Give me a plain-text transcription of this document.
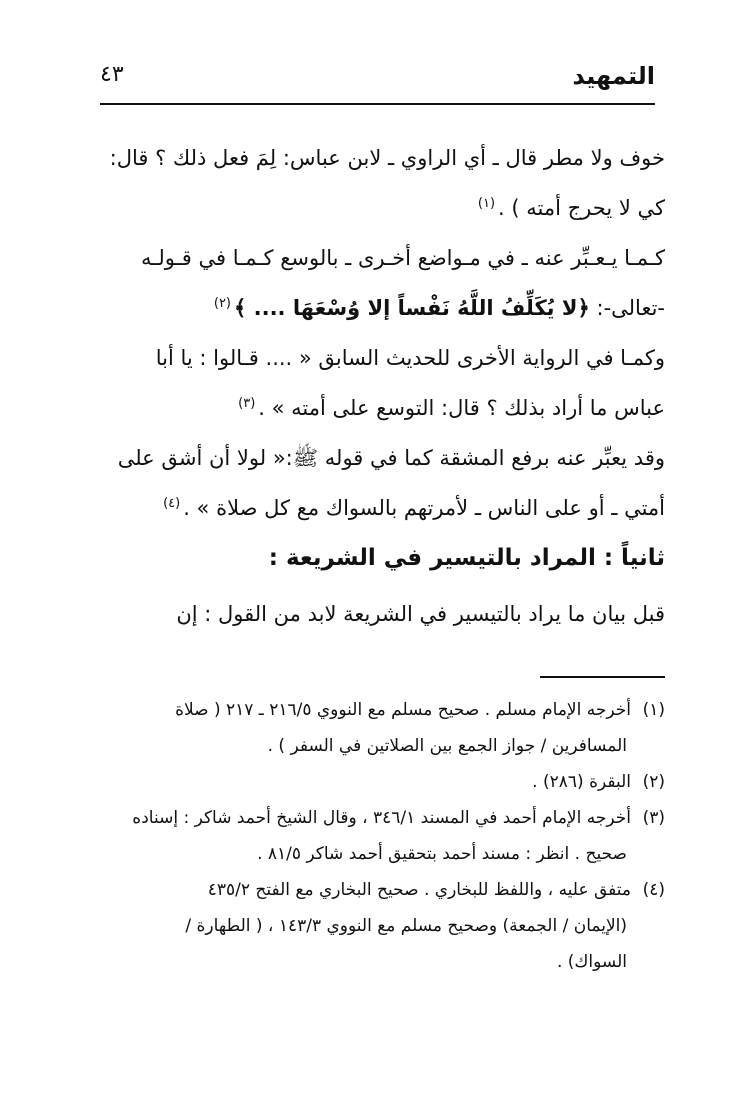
التمهيد
٤٣
خوف ولا مطر قال ـ أي الراوي ـ لابن عباس: لِمَ فعل ذلك ؟ قال:
كي لا يحرج أمته ) .$^{(١)}$
كـمـا يـعـبِّر عنه ـ في مـواضع أخـرى ـ بالوسع كـمـا في قـولـه
-تعالى-: ﴿لا يُكَلِّفُ اللَّهُ نَفْساً إلا وُسْعَهَا .... ﴾$^{(٢)}$
وكمـا في الرواية الأخرى للحديث السابق « .... قـالوا : يا أبا
عباس ما أراد بذلك ؟ قال: التوسع على أمته » .$^{(٣)}$
وقد يعبِّر عنه برفع المشقة كما في قوله ﷺ:« لولا أن أشق على
أمتي ـ أو على الناس ـ لأمرتهم بالسواك مع كل صلاة » .$^{(٤)}$
ثانياً : المراد بالتيسير في الشريعة :
قبل بيان ما يراد بالتيسير في الشريعة لابد من القول : إن
(١)أخرجه الإمام مسلم . صحيح مسلم مع النووي ٢١٦/٥ ـ ٢١٧ ( صلاة
المسافرين / جواز الجمع بين الصلاتين في السفر ) .
(٢)البقرة (٢٨٦) .
(٣)أخرجه الإمام أحمد في المسند ٣٤٦/١ ، وقال الشيخ أحمد شاكر : إسناده
صحيح . انظر : مسند أحمد بتحقيق أحمد شاكر ٨١/٥ .
(٤)متفق عليه ، واللفظ للبخاري . صحيح البخاري مع الفتح ٤٣٥/٢
(الإيمان / الجمعة) وصحيح مسلم مع النووي ١٤٣/٣ ، ( الطهارة /
السواك) .
